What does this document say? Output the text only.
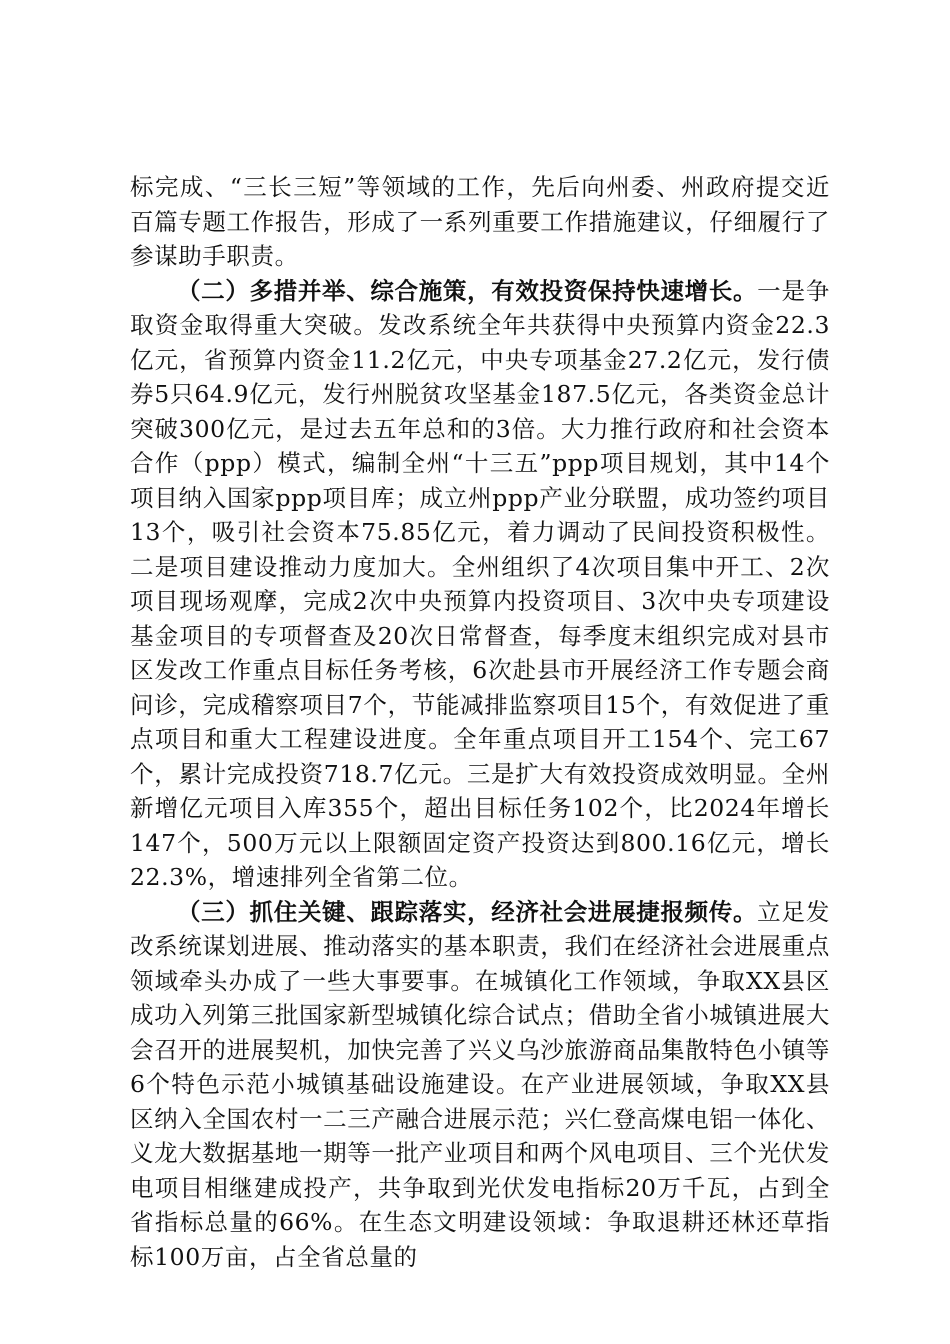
标完成、“三长三短”等领域的工作，先后向州委、州政府提交近百篇专题工作报告，形成了一系列重要工作措施建议，仔细履行了参谋助手职责。

（二）多措并举、综合施策，有效投资保持快速增长。一是争取资金取得重大突破。发改系统全年共获得中央预算内资金22.3亿元，省预算内资金11.2亿元，中央专项基金27.2亿元，发行债券5只64.9亿元，发行州脱贫攻坚基金187.5亿元，各类资金总计突破300亿元，是过去五年总和的3倍。大力推行政府和社会资本合作（ppp）模式，编制全州“十三五”ppp项目规划，其中14个项目纳入国家ppp项目库；成立州ppp产业分联盟，成功签约项目13个，吸引社会资本75.85亿元，着力调动了民间投资积极性。二是项目建设推动力度加大。全州组织了4次项目集中开工、2次项目现场观摩，完成2次中央预算内投资项目、3次中央专项建设基金项目的专项督查及20次日常督查，每季度末组织完成对县市区发改工作重点目标任务考核，6次赴县市开展经济工作专题会商问诊，完成稽察项目7个，节能减排监察项目15个，有效促进了重点项目和重大工程建设进度。全年重点项目开工154个、完工67个，累计完成投资718.7亿元。三是扩大有效投资成效明显。全州新增亿元项目入库355个，超出目标任务102个，比2024年增长147个，500万元以上限额固定资产投资达到800.16亿元，增长22.3%，增速排列全省第二位。

（三）抓住关键、跟踪落实，经济社会进展捷报频传。立足发改系统谋划进展、推动落实的基本职责，我们在经济社会进展重点领域牵头办成了一些大事要事。在城镇化工作领域，争取XX县区成功入列第三批国家新型城镇化综合试点；借助全省小城镇进展大会召开的进展契机，加快完善了兴义乌沙旅游商品集散特色小镇等6个特色示范小城镇基础设施建设。在产业进展领域，争取XX县区纳入全国农村一二三产融合进展示范；兴仁登高煤电铝一体化、义龙大数据基地一期等一批产业项目和两个风电项目、三个光伏发电项目相继建成投产，共争取到光伏发电指标20万千瓦，占到全省指标总量的66%。在生态文明建设领域：争取退耕还林还草指标100万亩，占全省总量的
